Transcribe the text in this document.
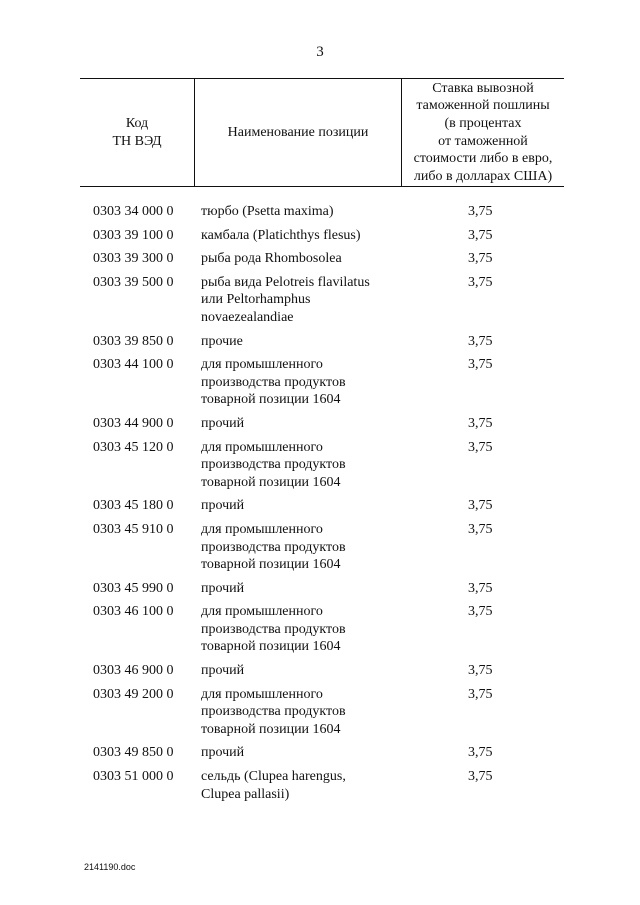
3
Код
ТН ВЭД
Наименование позиции
Ставка вывозной
таможенной пошлины
(в процентах
от таможенной
стоимости либо в евро,
либо в долларах США)
0303 34 000 0 тюрбо (Psetta maxima)	3,75
0303 39 100 0 камбала (Platichthys flesus)	3,75
0303 39 300 0 рыба рода Rhombosolea	3,75
0303 39 500 0 рыба вида Pelotreis flavilatus
или Peltorhamphus
novaezealandiae
3,75
0303 39 850 0 прочие	3,75
0303 44 100 0 для промышленного
производства продуктов
товарной позиции 1604
3,75
0303 44 900 0 прочий	3,75
0303 45 120 0 для промышленного
производства продуктов
товарной позиции 1604
3,75
0303 45 180 0 прочий	3,75
0303 45 910 0 для промышленного
производства продуктов
товарной позиции 1604
3,75
0303 45 990 0 прочий	3,75
0303 46 100 0 для промышленного
производства продуктов
товарной позиции 1604
3,75
0303 46 900 0 прочий	3,75
0303 49 200 0 для промышленного
производства продуктов
товарной позиции 1604
3,75
0303 49 850 0 прочий	3,75
0303 51 000 0 сельдь (Clupea harengus,
Clupea pallasii)
3,75
2141190.doc
